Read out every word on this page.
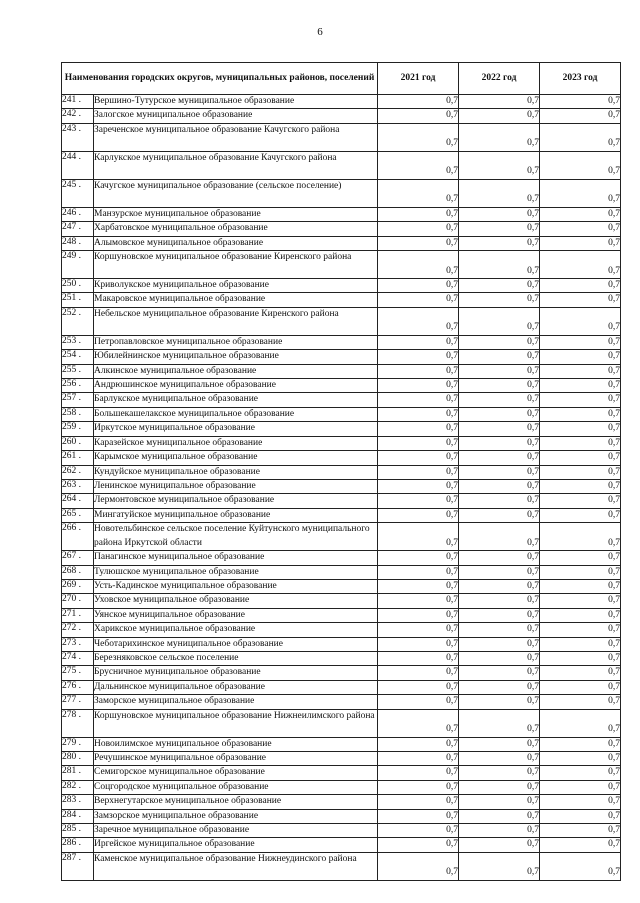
6
Наименования городских округов, муниципальных районов, поселений		2021 год	2022 год	2023 год
241 .	Вершино-Тутурское муниципальное образование	0,7	0,7	0,7
242 .	Залогское муниципальное образование	0,7	0,7	0,7
243 .	Зареченское муниципальное образование Качугского района	0,7	0,7	0,7
244 .	Карлукское муниципальное образование Качугского района	0,7	0,7	0,7
245 .	Качугское муниципальное образование (сельское поселение)	0,7	0,7	0,7
246 .	Манзурское муниципальное образование	0,7	0,7	0,7
247 .	Харбатовское муниципальное образование	0,7	0,7	0,7
248 .	Алымовское муниципальное образование	0,7	0,7	0,7
249 .	Коршуновское муниципальное образование Киренского района	0,7	0,7	0,7
250 .	Криволукское муниципальное образование	0,7	0,7	0,7
251 .	Макаровское муниципальное образование	0,7	0,7	0,7
252 .	Небельское муниципальное образование Киренского района	0,7	0,7	0,7
253 .	Петропавловское муниципальное образование	0,7	0,7	0,7
254 .	Юбилейнинское муниципальное образование	0,7	0,7	0,7
255 .	Алкинское муниципальное образование	0,7	0,7	0,7
256 .	Андрюшинское муниципальное образование	0,7	0,7	0,7
257 .	Барлукское муниципальное образование	0,7	0,7	0,7
258 .	Большекашелакское муниципальное образование	0,7	0,7	0,7
259 .	Иркутское муниципальное образование	0,7	0,7	0,7
260 .	Каразейское муниципальное образование	0,7	0,7	0,7
261 .	Карымское муниципальное образование	0,7	0,7	0,7
262 .	Кундуйское муниципальное образование	0,7	0,7	0,7
263 .	Ленинское муниципальное образование	0,7	0,7	0,7
264 .	Лермонтовское муниципальное образование	0,7	0,7	0,7
265 .	Мингатуйское муниципальное образование	0,7	0,7	0,7
266 .	Новотельбинское сельское поселение Куйтунского муниципального района Иркутской области	0,7	0,7	0,7
267 .	Панагинское муниципальное образование	0,7	0,7	0,7
268 .	Тулюшское муниципальное образование	0,7	0,7	0,7
269 .	Усть-Кадинское муниципальное образование	0,7	0,7	0,7
270 .	Уховское муниципальное образование	0,7	0,7	0,7
271 .	Уянское муниципальное образование	0,7	0,7	0,7
272 .	Харикское муниципальное образование	0,7	0,7	0,7
273 .	Чеботарихинское муниципальное образование	0,7	0,7	0,7
274 .	Березняковское сельское поселение	0,7	0,7	0,7
275 .	Брусничное муниципальное образование	0,7	0,7	0,7
276 .	Дальнинское муниципальное образование	0,7	0,7	0,7
277 .	Заморское муниципальное образование	0,7	0,7	0,7
278 .	Коршуновское муниципальное образование Нижнеилимского района	0,7	0,7	0,7
279 .	Новоилимское муниципальное образование	0,7	0,7	0,7
280 .	Речушинское муниципальное образование	0,7	0,7	0,7
281 .	Семигорское муниципальное образование	0,7	0,7	0,7
282 .	Соцгородское муниципальное образование	0,7	0,7	0,7
283 .	Верхнегутарское муниципальное образование	0,7	0,7	0,7
284 .	Замзорское муниципальное образование	0,7	0,7	0,7
285 .	Заречное муниципальное образование	0,7	0,7	0,7
286 .	Иргейское муниципальное образование	0,7	0,7	0,7
287 .	Каменское муниципальное образование Нижнеудинского района	0,7	0,7	0,7
